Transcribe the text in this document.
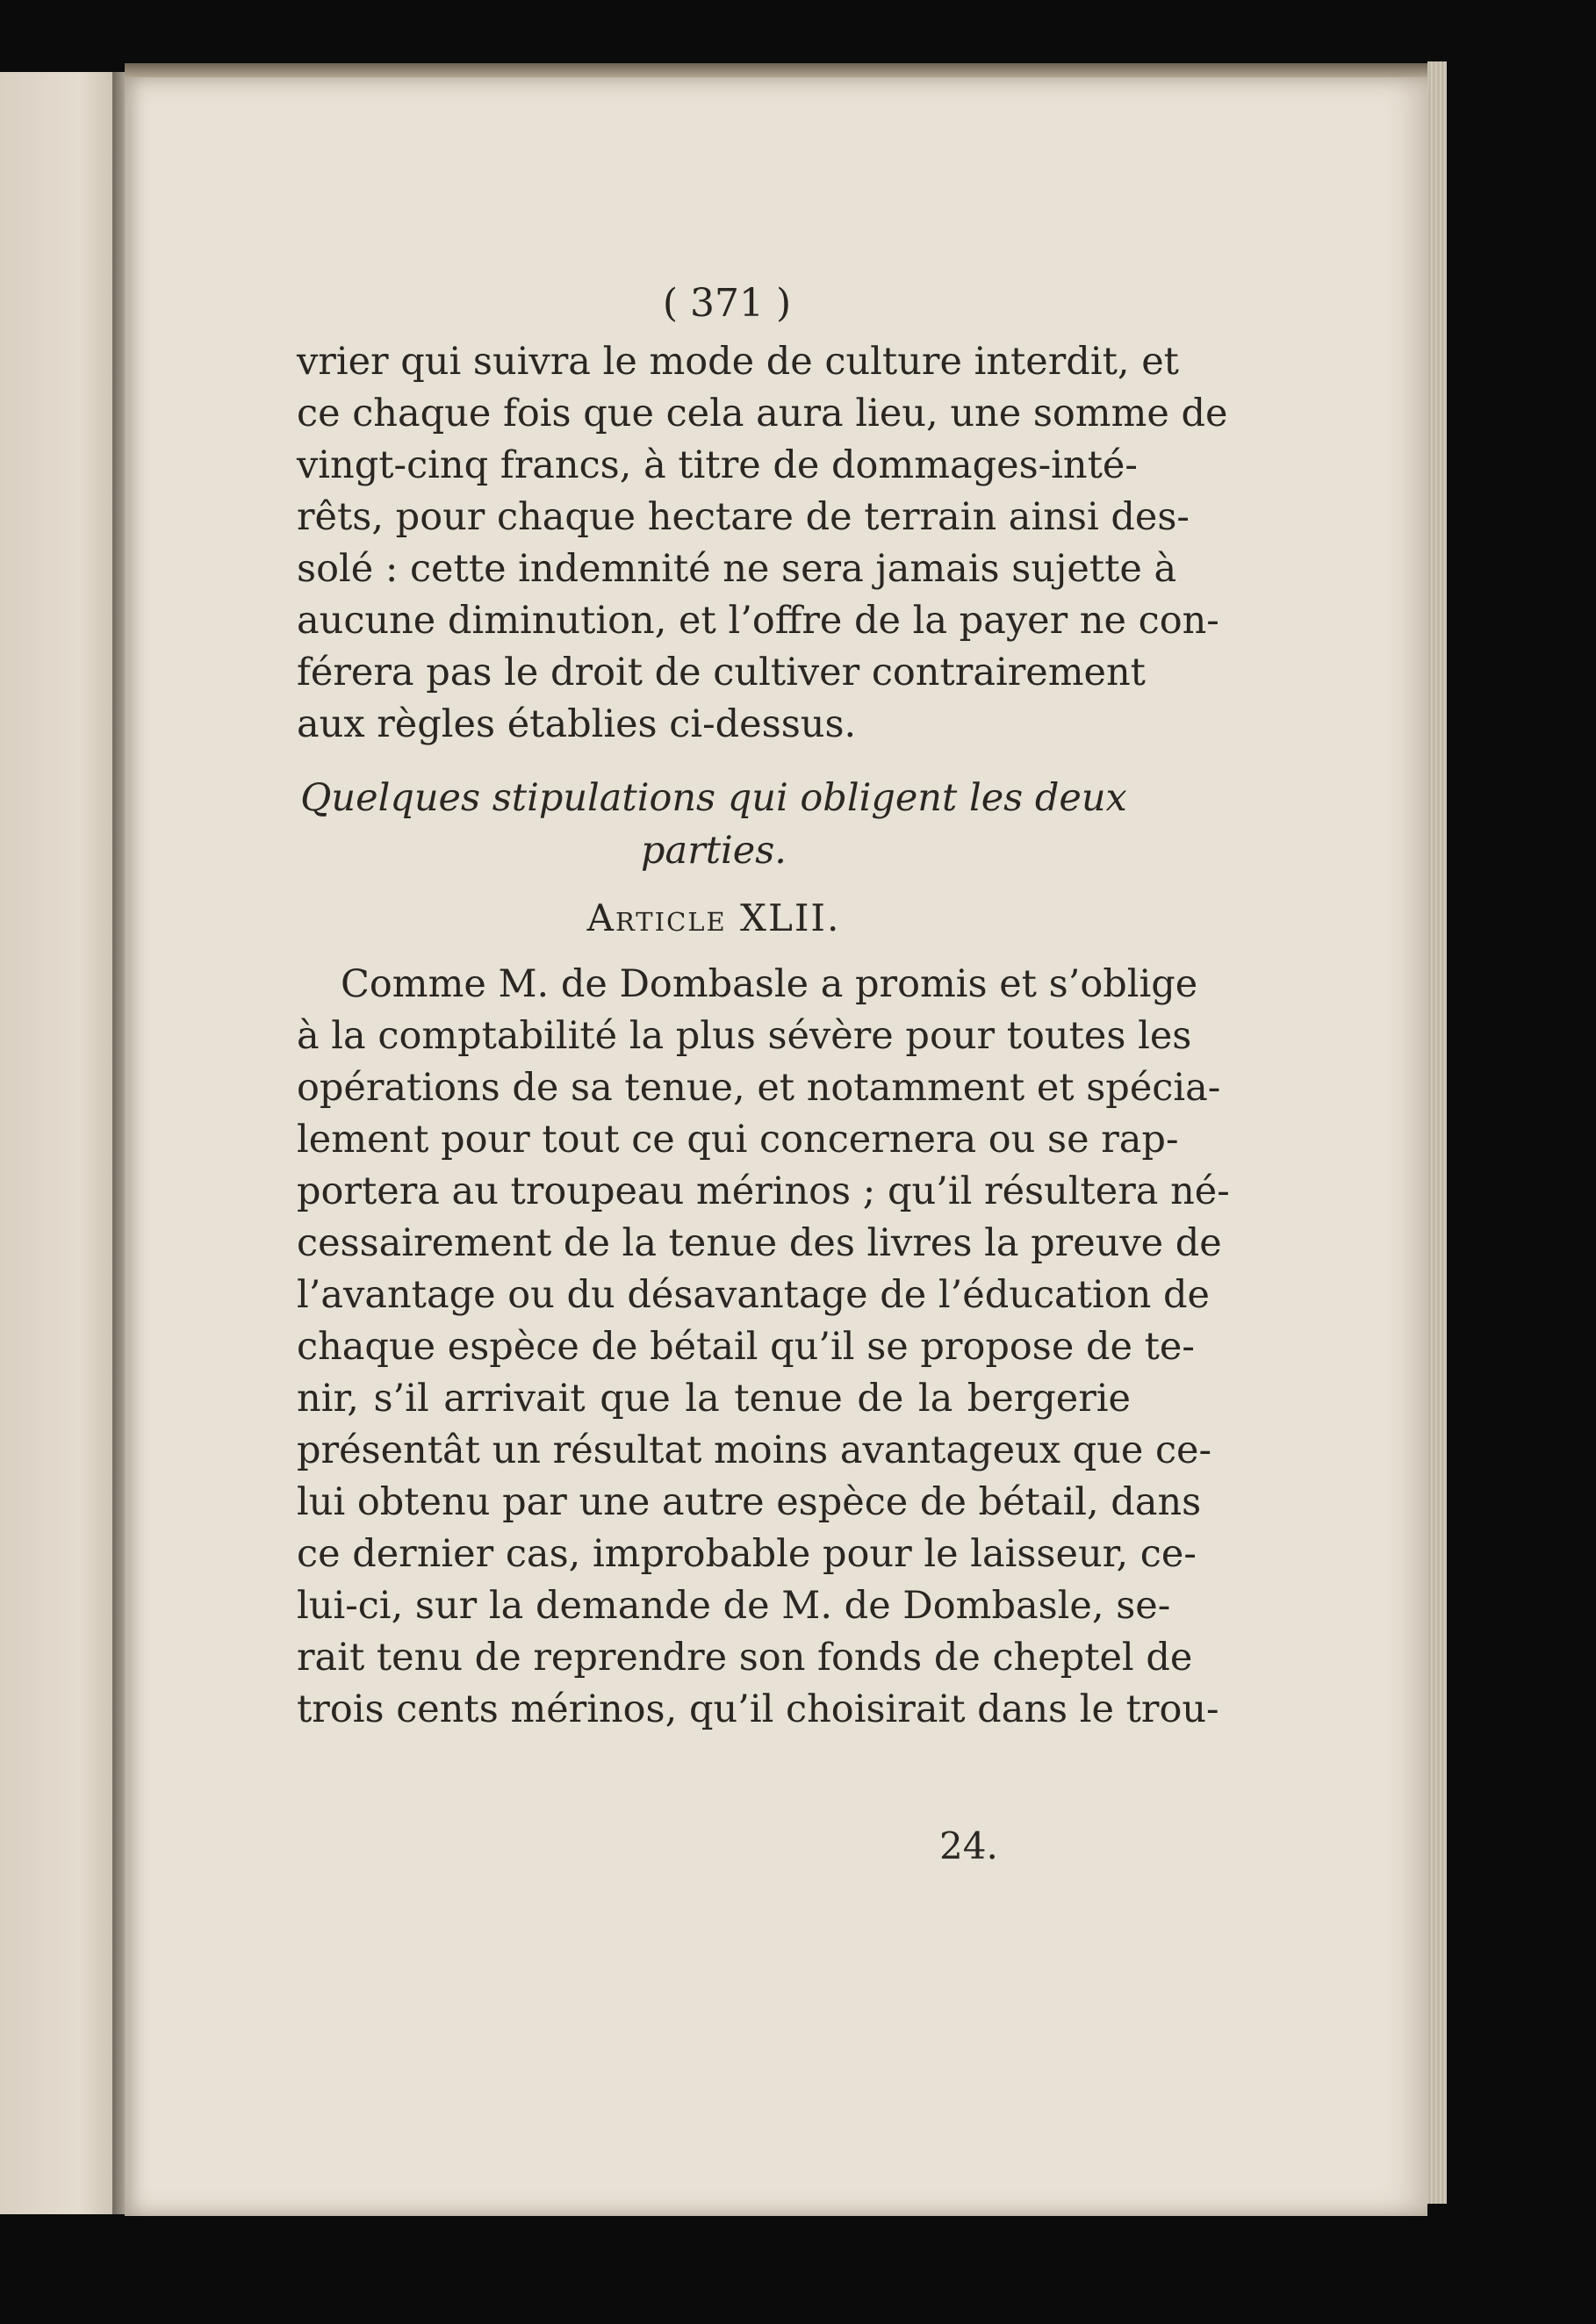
( 371 )
vrier qui suivra le mode de culture interdit, et
ce chaque fois que cela aura lieu, une somme de
vingt-cinq francs, à titre de dommages-inté-
rêts, pour chaque hectare de terrain ainsi des-
solé : cette indemnité ne sera jamais sujette à
aucune diminution, et l’offre de la payer ne con-
férera pas le droit de cultiver contrairement
aux règles établies ci-dessus.
Quelques stipulations qui obligent les deux
parties.
Article XLII.
Comme M. de Dombasle a promis et s’oblige
à la comptabilité la plus sévère pour toutes les
opérations de sa tenue, et notamment et spécia-
lement pour tout ce qui concernera ou se rap-
portera au troupeau mérinos ; qu’il résultera né-
cessairement de la tenue des livres la preuve de
l’avantage ou du désavantage de l’éducation de
chaque espèce de bétail qu’il se propose de te-
nir, s’il arrivait que la tenue de la bergerie
présentât un résultat moins avantageux que ce-
lui obtenu par une autre espèce de bétail, dans
ce dernier cas, improbable pour le laisseur, ce-
lui-ci, sur la demande de M. de Dombasle, se-
rait tenu de reprendre son fonds de cheptel de
trois cents mérinos, qu’il choisirait dans le trou-
24.
